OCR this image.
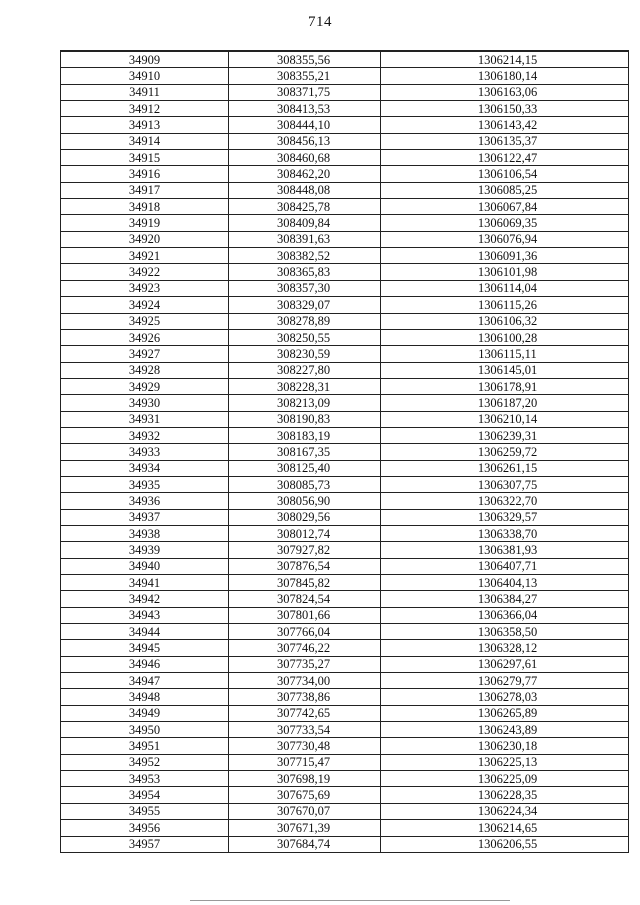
714
34909	308355,56	1306214,15
34910	308355,21	1306180,14
34911	308371,75	1306163,06
34912	308413,53	1306150,33
34913	308444,10	1306143,42
34914	308456,13	1306135,37
34915	308460,68	1306122,47
34916	308462,20	1306106,54
34917	308448,08	1306085,25
34918	308425,78	1306067,84
34919	308409,84	1306069,35
34920	308391,63	1306076,94
34921	308382,52	1306091,36
34922	308365,83	1306101,98
34923	308357,30	1306114,04
34924	308329,07	1306115,26
34925	308278,89	1306106,32
34926	308250,55	1306100,28
34927	308230,59	1306115,11
34928	308227,80	1306145,01
34929	308228,31	1306178,91
34930	308213,09	1306187,20
34931	308190,83	1306210,14
34932	308183,19	1306239,31
34933	308167,35	1306259,72
34934	308125,40	1306261,15
34935	308085,73	1306307,75
34936	308056,90	1306322,70
34937	308029,56	1306329,57
34938	308012,74	1306338,70
34939	307927,82	1306381,93
34940	307876,54	1306407,71
34941	307845,82	1306404,13
34942	307824,54	1306384,27
34943	307801,66	1306366,04
34944	307766,04	1306358,50
34945	307746,22	1306328,12
34946	307735,27	1306297,61
34947	307734,00	1306279,77
34948	307738,86	1306278,03
34949	307742,65	1306265,89
34950	307733,54	1306243,89
34951	307730,48	1306230,18
34952	307715,47	1306225,13
34953	307698,19	1306225,09
34954	307675,69	1306228,35
34955	307670,07	1306224,34
34956	307671,39	1306214,65
34957	307684,74	1306206,55
